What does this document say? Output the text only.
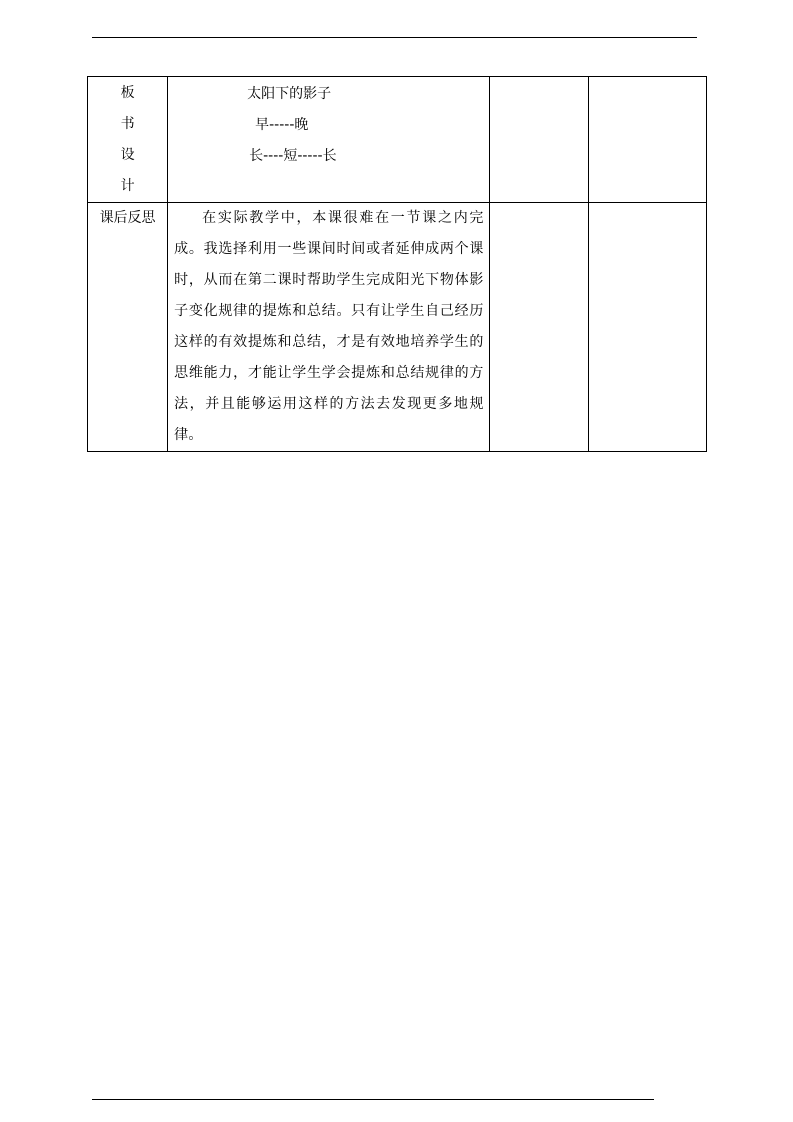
板
书
设
计	太阳下的影子
早-----晚
长----短-----长		

课后反思	在实际教学中，本课很难在一节课之内完成。我选择利用一些课间时间或者延伸成两个课时，从而在第二课时帮助学生完成阳光下物体影子变化规律的提炼和总结。只有让学生自己经历这样的有效提炼和总结，才是有效地培养学生的思维能力，才能让学生学会提炼和总结规律的方法，并且能够运用这样的方法去发现更多地规律。		
